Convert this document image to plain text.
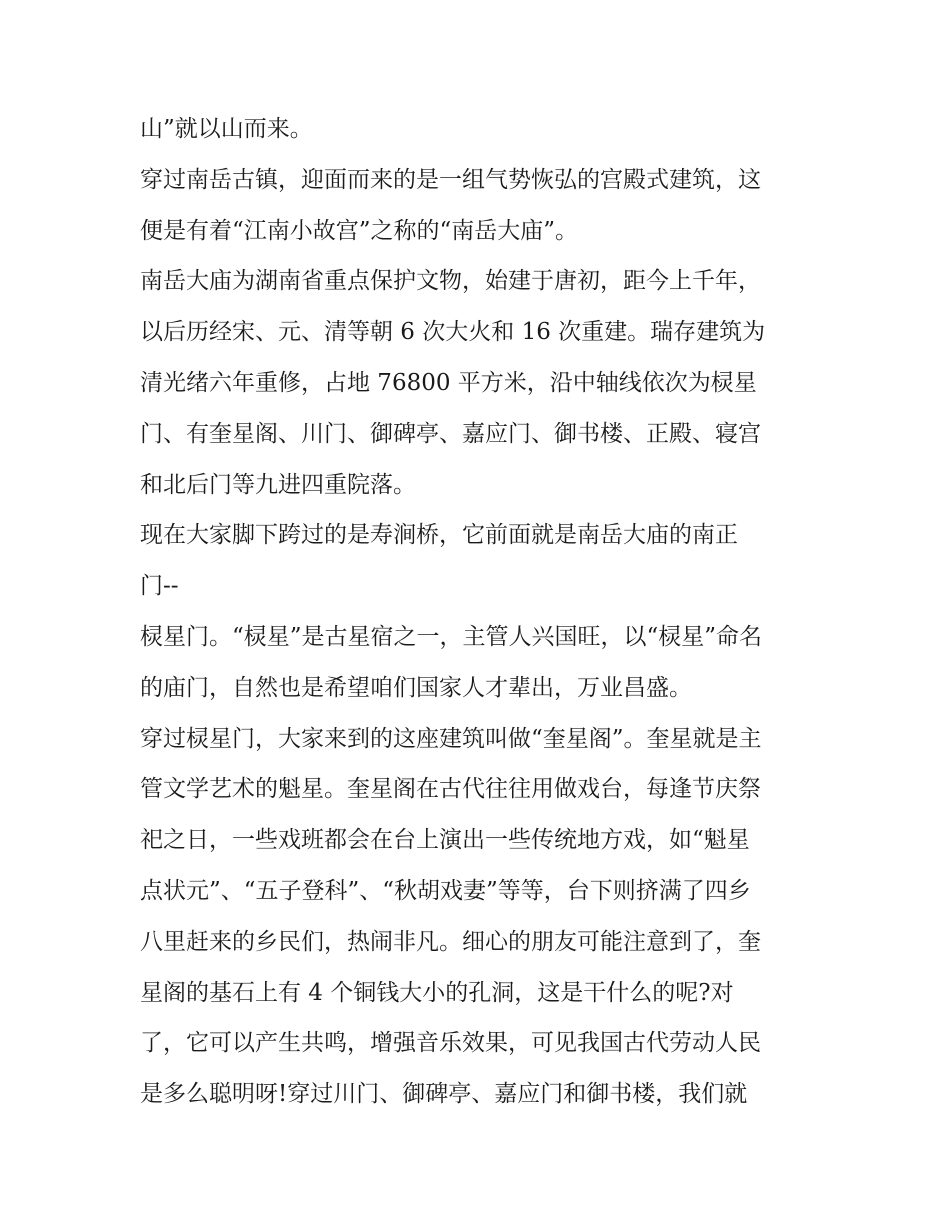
山”就以山而来。
穿过南岳古镇，迎面而来的是一组气势恢弘的宫殿式建筑，这
便是有着“江南小故宫”之称的“南岳大庙”。
南岳大庙为湖南省重点保护文物，始建于唐初，距今上千年，
以后历经宋、元、清等朝 6 次大火和 16 次重建。瑞存建筑为
清光绪六年重修，占地 76800 平方米，沿中轴线依次为棂星
门、有奎星阁、川门、御碑亭、嘉应门、御书楼、正殿、寝宫
和北后门等九进四重院落。
现在大家脚下跨过的是寿涧桥，它前面就是南岳大庙的南正
门--
棂星门。“棂星”是古星宿之一，主管人兴国旺，以“棂星”命名
的庙门，自然也是希望咱们国家人才辈出，万业昌盛。
穿过棂星门，大家来到的这座建筑叫做“奎星阁”。奎星就是主
管文学艺术的魁星。奎星阁在古代往往用做戏台，每逢节庆祭
祀之日，一些戏班都会在台上演出一些传统地方戏，如“魁星
点状元”、“五子登科”、“秋胡戏妻”等等，台下则挤满了四乡
八里赶来的乡民们，热闹非凡。细心的朋友可能注意到了，奎
星阁的基石上有 4 个铜钱大小的孔洞，这是干什么的呢?对
了，它可以产生共鸣，增强音乐效果，可见我国古代劳动人民
是多么聪明呀!穿过川门、御碑亭、嘉应门和御书楼，我们就
